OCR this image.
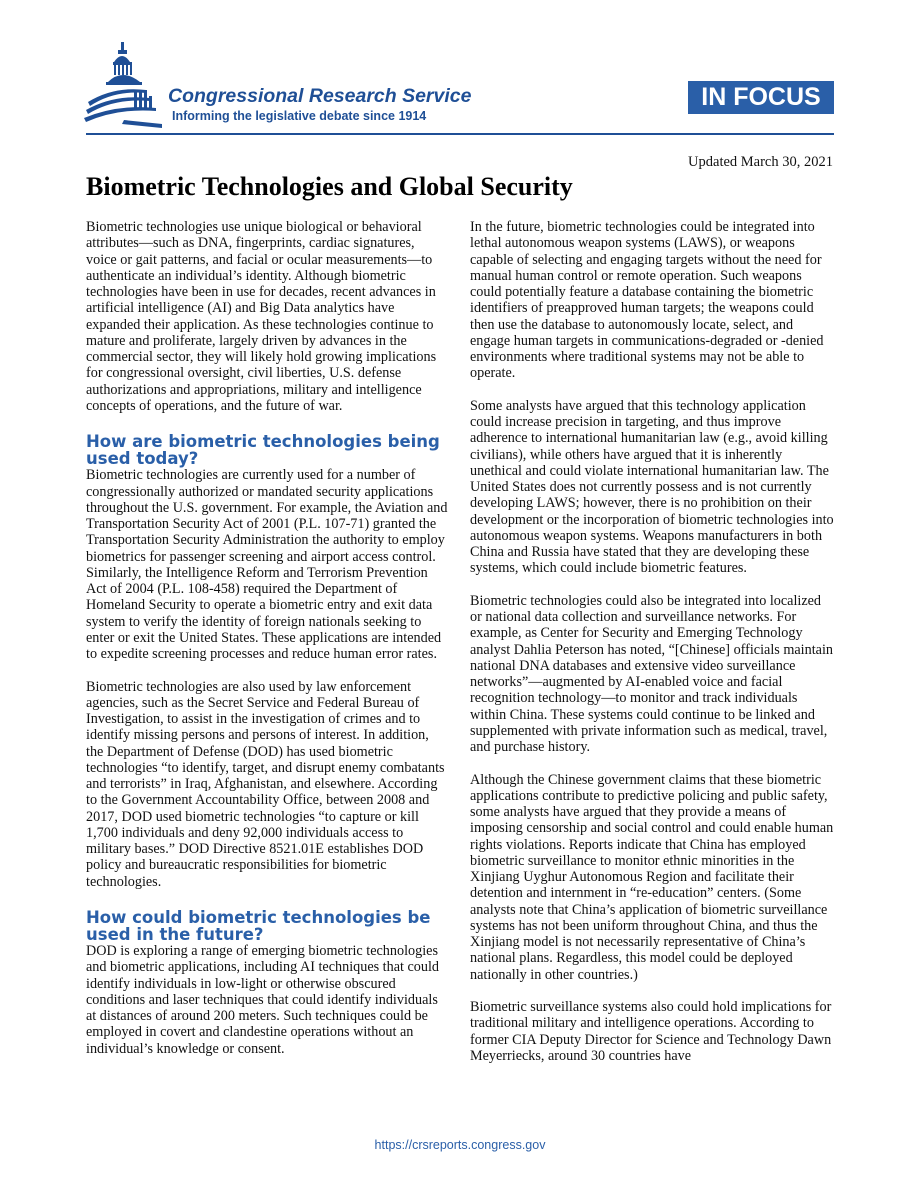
Congressional Research Service
Informing the legislative debate since 1914
IN FOCUS
Updated March 30, 2021
Biometric Technologies and Global Security

Biometric technologies use unique biological or behavioral attributes—such as DNA, fingerprints, cardiac signatures, voice or gait patterns, and facial or ocular measurements—to authenticate an individual’s identity. Although biometric technologies have been in use for decades, recent advances in artificial intelligence (AI) and Big Data analytics have expanded their application. As these technologies continue to mature and proliferate, largely driven by advances in the commercial sector, they will likely hold growing implications for congressional oversight, civil liberties, U.S. defense authorizations and appropriations, military and intelligence concepts of operations, and the future of war.

How are biometric technologies being used today?

Biometric technologies are currently used for a number of congressionally authorized or mandated security applications throughout the U.S. government. For example, the Aviation and Transportation Security Act of 2001 (P.L. 107-71) granted the Transportation Security Administration the authority to employ biometrics for passenger screening and airport access control. Similarly, the Intelligence Reform and Terrorism Prevention Act of 2004 (P.L. 108-458) required the Department of Homeland Security to operate a biometric entry and exit data system to verify the identity of foreign nationals seeking to enter or exit the United States. These applications are intended to expedite screening processes and reduce human error rates.

Biometric technologies are also used by law enforcement agencies, such as the Secret Service and Federal Bureau of Investigation, to assist in the investigation of crimes and to identify missing persons and persons of interest. In addition, the Department of Defense (DOD) has used biometric technologies “to identify, target, and disrupt enemy combatants and terrorists” in Iraq, Afghanistan, and elsewhere. According to the Government Accountability Office, between 2008 and 2017, DOD used biometric technologies “to capture or kill 1,700 individuals and deny 92,000 individuals access to military bases.” DOD Directive 8521.01E establishes DOD policy and bureaucratic responsibilities for biometric technologies.

How could biometric technologies be used in the future?

DOD is exploring a range of emerging biometric technologies and biometric applications, including AI techniques that could identify individuals in low-light or otherwise obscured conditions and laser techniques that could identify individuals at distances of around 200 meters. Such techniques could be employed in covert and clandestine operations without an individual’s knowledge or consent.

In the future, biometric technologies could be integrated into lethal autonomous weapon systems (LAWS), or weapons capable of selecting and engaging targets without the need for manual human control or remote operation. Such weapons could potentially feature a database containing the biometric identifiers of preapproved human targets; the weapons could then use the database to autonomously locate, select, and engage human targets in communications-degraded or -denied environments where traditional systems may not be able to operate.

Some analysts have argued that this technology application could increase precision in targeting, and thus improve adherence to international humanitarian law (e.g., avoid killing civilians), while others have argued that it is inherently unethical and could violate international humanitarian law. The United States does not currently possess and is not currently developing LAWS; however, there is no prohibition on their development or the incorporation of biometric technologies into autonomous weapon systems. Weapons manufacturers in both China and Russia have stated that they are developing these systems, which could include biometric features.

Biometric technologies could also be integrated into localized or national data collection and surveillance networks. For example, as Center for Security and Emerging Technology analyst Dahlia Peterson has noted, “[Chinese] officials maintain national DNA databases and extensive video surveillance networks”—augmented by AI-enabled voice and facial recognition technology—to monitor and track individuals within China. These systems could continue to be linked and supplemented with private information such as medical, travel, and purchase history.

Although the Chinese government claims that these biometric applications contribute to predictive policing and public safety, some analysts have argued that they provide a means of imposing censorship and social control and could enable human rights violations. Reports indicate that China has employed biometric surveillance to monitor ethnic minorities in the Xinjiang Uyghur Autonomous Region and facilitate their detention and internment in “re-education” centers. (Some analysts note that China’s application of biometric surveillance systems has not been uniform throughout China, and thus the Xinjiang model is not necessarily representative of China’s national plans. Regardless, this model could be deployed nationally in other countries.)

Biometric surveillance systems also could hold implications for traditional military and intelligence operations. According to former CIA Deputy Director for Science and Technology Dawn Meyerriecks, around 30 countries have

https://crsreports.congress.gov
